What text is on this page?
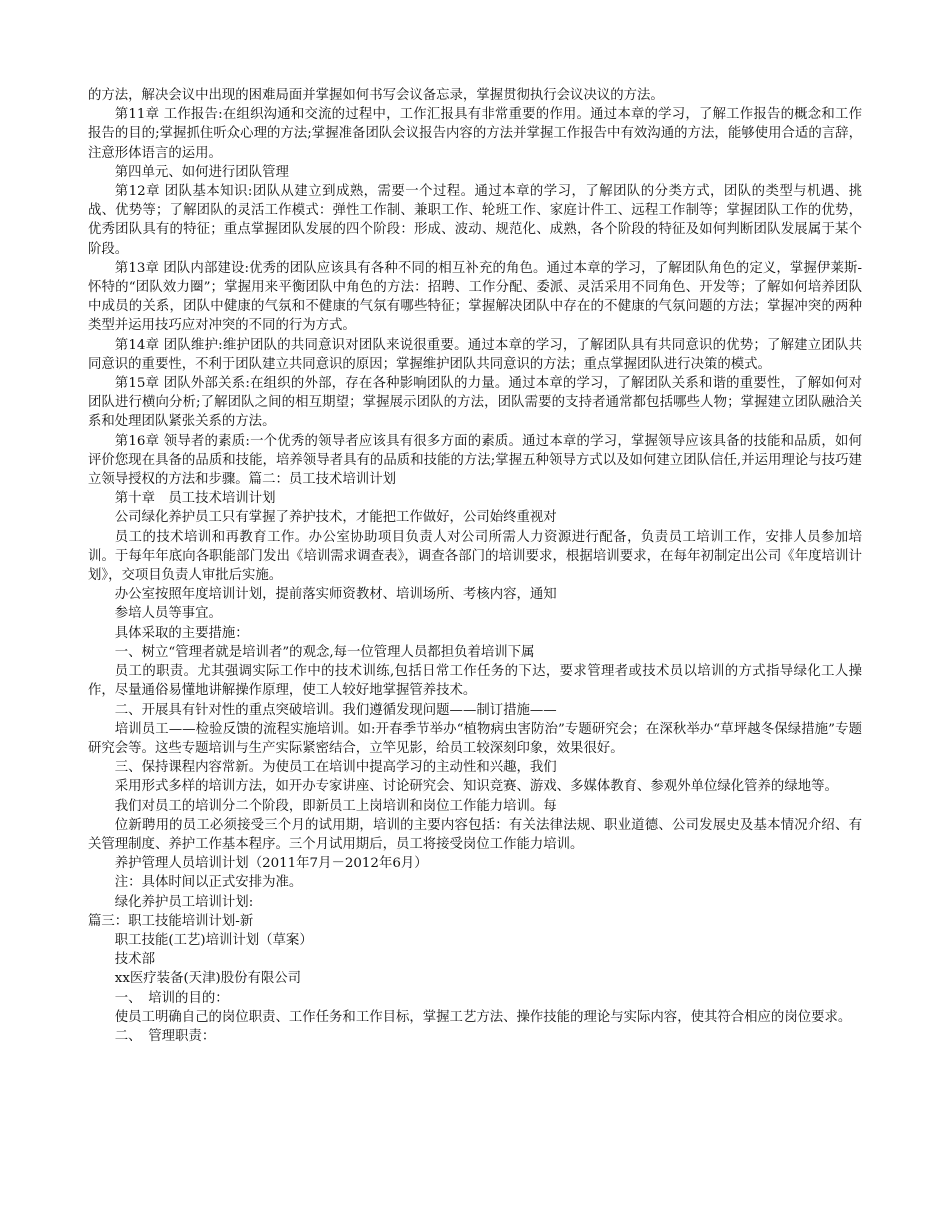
的方法，解决会议中出现的困难局面并掌握如何书写会议备忘录，掌握贯彻执行会议决议的方法。

第11章 工作报告:在组织沟通和交流的过程中，工作汇报具有非常重要的作用。通过本章的学习，了解工作报告的概念和工作报告的目的;掌握抓住听众心理的方法;掌握准备团队会议报告内容的方法并掌握工作报告中有效沟通的方法，能够使用合适的言辞，注意形体语言的运用。

第四单元、如何进行团队管理

第12章 团队基本知识:团队从建立到成熟，需要一个过程。通过本章的学习，了解团队的分类方式，团队的类型与机遇、挑战、优势等；了解团队的灵活工作模式：弹性工作制、兼职工作、轮班工作、家庭计件工、远程工作制等；掌握团队工作的优势，优秀团队具有的特征；重点掌握团队发展的四个阶段：形成、波动、规范化、成熟，各个阶段的特征及如何判断团队发展属于某个阶段。

第13章 团队内部建设:优秀的团队应该具有各种不同的相互补充的角色。通过本章的学习，了解团队角色的定义，掌握伊莱斯-怀特的“团队效力圈”；掌握用来平衡团队中角色的方法：招聘、工作分配、委派、灵活采用不同角色、开发等；了解如何培养团队中成员的关系，团队中健康的气氛和不健康的气氛有哪些特征；掌握解决团队中存在的不健康的气氛问题的方法；掌握冲突的两种类型并运用技巧应对冲突的不同的行为方式。

第14章 团队维护:维护团队的共同意识对团队来说很重要。通过本章的学习，了解团队具有共同意识的优势；了解建立团队共同意识的重要性，不利于团队建立共同意识的原因；掌握维护团队共同意识的方法；重点掌握团队进行决策的模式。

第15章 团队外部关系:在组织的外部，存在各种影响团队的力量。通过本章的学习，了解团队关系和谐的重要性，了解如何对团队进行横向分析;了解团队之间的相互期望；掌握展示团队的方法，团队需要的支持者通常都包括哪些人物；掌握建立团队融洽关系和处理团队紧张关系的方法。

第16章 领导者的素质:一个优秀的领导者应该具有很多方面的素质。通过本章的学习，掌握领导应该具备的技能和品质，如何评价您现在具备的品质和技能，培养领导者具有的品质和技能的方法;掌握五种领导方式以及如何建立团队信任,并运用理论与技巧建立领导授权的方法和步骤。篇二：员工技术培训计划

第十章　员工技术培训计划

公司绿化养护员工只有掌握了养护技术，才能把工作做好，公司始终重视对

员工的技术培训和再教育工作。办公室协助项目负责人对公司所需人力资源进行配备，负责员工培训工作，安排人员参加培训。于每年年底向各职能部门发出《培训需求调查表》，调查各部门的培训要求，根据培训要求，在每年初制定出公司《年度培训计划》，交项目负责人审批后实施。

办公室按照年度培训计划，提前落实师资教材、培训场所、考核内容，通知

参培人员等事宜。

具体采取的主要措施：

一、树立“管理者就是培训者”的观念,每一位管理人员都担负着培训下属

员工的职责。尤其强调实际工作中的技术训练,包括日常工作任务的下达，要求管理者或技术员以培训的方式指导绿化工人操作，尽量通俗易懂地讲解操作原理，使工人较好地掌握管养技术。

二、开展具有针对性的重点突破培训。我们遵循发现问题——制订措施——

培训员工——检验反馈的流程实施培训。如:开春季节举办“植物病虫害防治”专题研究会；在深秋举办“草坪越冬保绿措施”专题研究会等。这些专题培训与生产实际紧密结合，立竿见影，给员工较深刻印象，效果很好。

三、保持课程内容常新。为使员工在培训中提高学习的主动性和兴趣，我们

采用形式多样的培训方法，如开办专家讲座、讨论研究会、知识竞赛、游戏、多媒体教育、参观外单位绿化管养的绿地等。

我们对员工的培训分二个阶段，即新员工上岗培训和岗位工作能力培训。每

位新聘用的员工必须接受三个月的试用期，培训的主要内容包括：有关法律法规、职业道德、公司发展史及基本情况介绍、有关管理制度、养护工作基本程序。三个月试用期后，员工将接受岗位工作能力培训。

养护管理人员培训计划（2011年7月－2012年6月）

注：具体时间以正式安排为准。

绿化养护员工培训计划:

篇三：职工技能培训计划-新

职工技能(工艺)培训计划（草案）

技术部

xx医疗装备(天津)股份有限公司

一、　培训的目的：

使员工明确自己的岗位职责、工作任务和工作目标，掌握工艺方法、操作技能的理论与实际内容，使其符合相应的岗位要求。

二、　管理职责：
